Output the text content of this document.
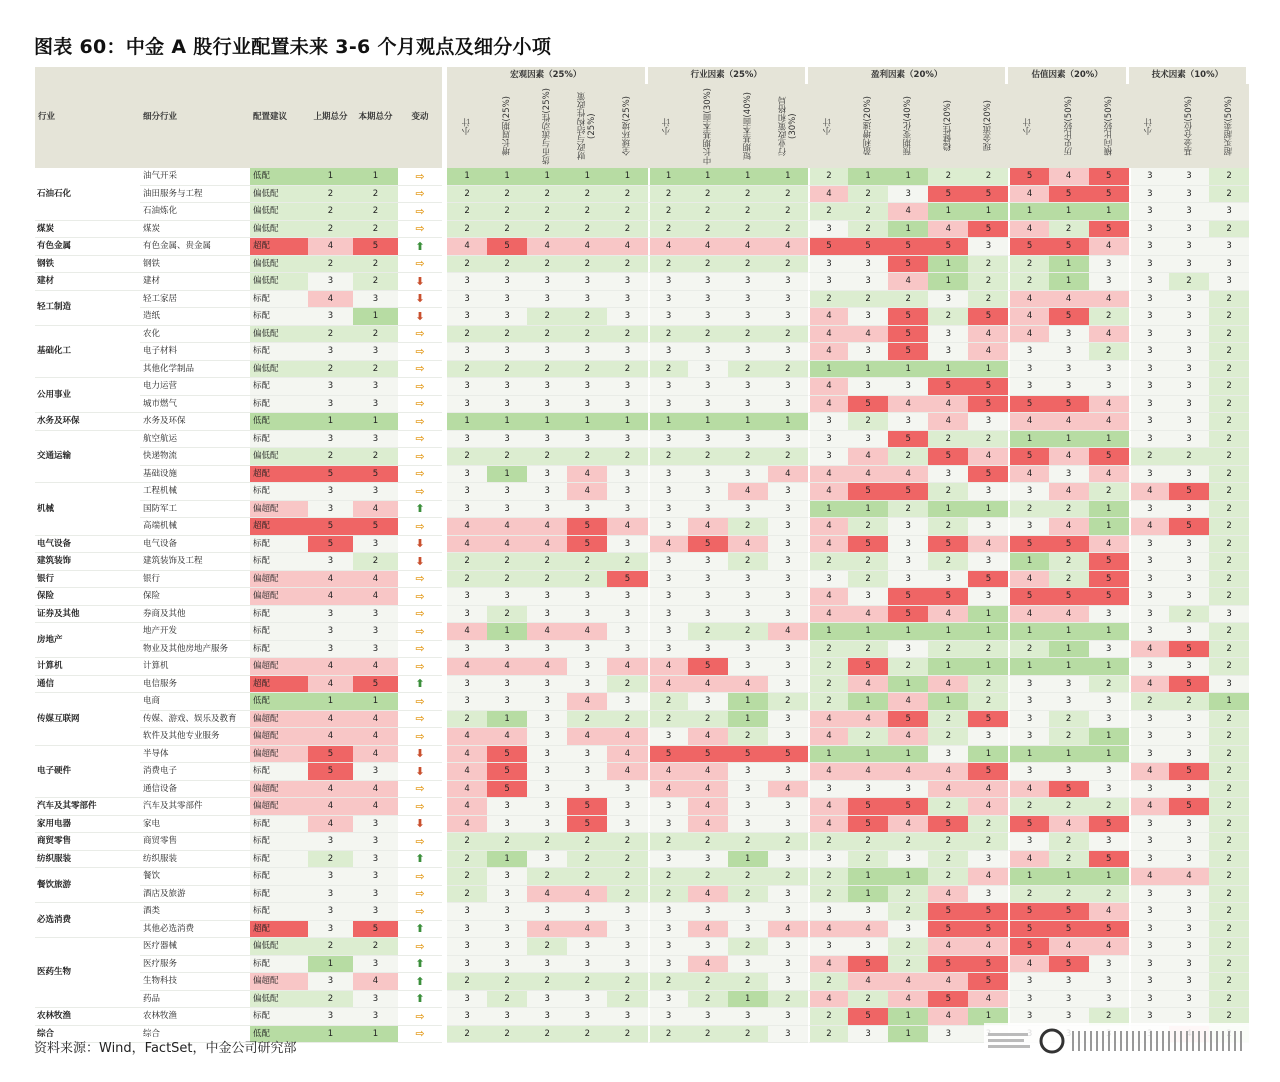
图表 60：中金 A 股行业配置未来 3-6 个月观点及细分小项
行业	细分行业	配置建议	上期总分	本期总分	变动		宏观因素（25%）					行业因素（25%）				盈利因素（20%）					估值因素（20%）			技术因素（10%）		

							小计	增长周期(25%)	货币与流动性(25%)	财政与结构性政策(25%)	全球环境(25%)	小计	中长期基本面(30%)	短期基本面(40%)	行业政策和格局(30%)	小计	盈利增速(20%)	预期变化(40%)	稳健性(20%)	现金流(20%)	小计	历史比较(50%)	横向比较(50%)	小计	基金仓位(50%)	超买超卖(50%)

石油石化	油气开采	低配	1	1	⇨		1	1	1	1	1	1	1	1	1	2	1	1	2	2	5	4	5	3	3	2
	油田服务与工程	偏低配	2	2	⇨		2	2	2	2	2	2	2	2	2	4	2	3	5	5	4	5	5	3	3	2
	石油炼化	偏低配	2	2	⇨		2	2	2	2	2	2	2	2	2	2	2	4	1	1	1	1	1	3	3	3
煤炭	煤炭	偏低配	2	2	⇨		2	2	2	2	2	2	2	2	2	3	2	1	4	5	4	2	5	3	3	2
有色金属	有色金属、贵金属	超配	4	5	⬆		4	5	4	4	4	4	4	4	4	5	5	5	5	3	5	5	4	3	3	3
钢铁	钢铁	偏低配	2	2	⇨		2	2	2	2	2	2	2	2	2	3	3	5	1	2	2	1	3	3	3	3
建材	建材	偏低配	3	2	⬇		3	3	3	3	3	3	3	3	3	3	3	4	1	2	2	1	3	3	2	3
轻工制造	轻工家居	标配	4	3	⬇		3	3	3	3	3	3	3	3	3	2	2	2	3	2	4	4	4	3	3	2
	造纸	标配	3	1	⬇		3	3	2	2	3	3	3	3	3	4	3	5	2	5	4	5	2	3	3	2
基础化工	农化	偏低配	2	2	⇨		2	2	2	2	2	2	2	2	2	4	4	5	3	4	4	3	4	3	3	2
	电子材料	标配	3	3	⇨		3	3	3	3	3	3	3	3	3	4	3	5	3	4	3	3	2	3	3	2
	其他化学制品	偏低配	2	2	⇨		2	2	2	2	2	2	3	2	2	1	1	1	1	1	3	3	3	3	3	2
公用事业	电力运营	标配	3	3	⇨		3	3	3	3	3	3	3	3	3	4	3	3	5	5	3	3	3	3	3	2
	城市燃气	标配	3	3	⇨		3	3	3	3	3	3	3	3	3	4	5	4	4	5	5	5	4	3	3	2
水务及环保	水务及环保	低配	1	1	⇨		1	1	1	1	1	1	1	1	1	3	2	3	4	3	4	4	4	3	3	2
交通运输	航空航运	标配	3	3	⇨		3	3	3	3	3	3	3	3	3	3	3	5	2	2	1	1	1	3	3	2
	快递物流	偏低配	2	2	⇨		2	2	2	2	2	2	2	2	2	3	4	2	5	4	5	4	5	2	2	2
	基础设施	超配	5	5	⇨		3	1	3	4	3	3	3	3	4	4	4	4	3	5	4	3	4	3	3	2
机械	工程机械	标配	3	3	⇨		3	3	3	4	3	3	3	4	3	4	5	5	2	3	3	4	2	4	5	2
	国防军工	偏超配	3	4	⬆		3	3	3	3	3	3	3	3	3	1	1	2	1	1	2	2	1	3	3	2
	高端机械	超配	5	5	⇨		4	4	4	5	4	3	4	2	3	4	2	3	2	3	3	4	1	4	5	2
电气设备	电气设备	标配	5	3	⬇		4	4	4	5	3	4	5	4	3	4	5	3	5	4	5	5	4	3	3	2
建筑装饰	建筑装饰及工程	标配	3	2	⬇		2	2	2	2	2	3	3	2	3	2	2	3	2	3	1	2	5	3	3	2
银行	银行	偏超配	4	4	⇨		2	2	2	2	5	3	3	3	3	3	2	3	3	5	4	2	5	3	3	2
保险	保险	偏超配	4	4	⇨		3	3	3	3	3	3	3	3	3	4	3	5	5	3	5	5	5	3	3	2
证券及其他	券商及其他	标配	3	3	⇨		3	2	3	3	3	3	3	3	3	4	4	5	4	1	4	4	3	3	2	3
房地产	地产开发	标配	3	3	⇨		4	1	4	4	3	3	2	2	4	1	1	1	1	1	1	1	1	3	3	2
	物业及其他房地产服务	标配	3	3	⇨		3	3	3	3	3	3	3	3	3	2	2	3	2	2	2	1	3	4	5	2
计算机	计算机	偏超配	4	4	⇨		4	4	4	3	4	4	5	3	3	2	5	2	1	1	1	1	1	3	3	2
通信	电信服务	超配	4	5	⬆		3	3	3	3	2	4	4	4	3	2	4	1	4	2	3	3	2	4	5	3
传媒互联网	电商	低配	1	1	⇨		3	3	3	4	3	2	3	1	2	2	1	4	1	2	3	3	3	2	2	1
	传媒、游戏、娱乐及教育	偏超配	4	4	⇨		2	1	3	2	2	2	2	1	3	4	4	5	2	5	3	2	3	3	3	2
	软件及其他专业服务	偏超配	4	4	⇨		4	4	3	4	4	3	4	2	3	4	2	4	2	3	3	2	1	3	3	2
电子硬件	半导体	偏超配	5	4	⬇		4	5	3	3	4	5	5	5	5	1	1	1	3	1	1	1	1	3	3	2
	消费电子	标配	5	3	⬇		4	5	3	3	4	4	4	3	3	4	4	4	4	5	3	3	3	4	5	2
	通信设备	偏超配	4	4	⇨		4	5	3	3	3	4	4	3	4	3	3	3	4	4	4	5	3	3	3	2
汽车及其零部件	汽车及其零部件	偏超配	4	4	⇨		4	3	3	5	3	3	4	3	3	4	5	5	2	4	2	2	2	4	5	2
家用电器	家电	标配	4	3	⬇		4	3	3	5	3	3	4	3	3	4	5	4	5	2	5	4	5	3	3	2
商贸零售	商贸零售	标配	3	3	⇨		2	2	2	2	2	2	2	2	2	2	2	2	2	2	3	2	3	3	3	2
纺织服装	纺织服装	标配	2	3	⬆		2	1	3	2	2	3	3	1	3	3	2	3	2	3	4	2	5	3	3	2
餐饮旅游	餐饮	标配	3	3	⇨		2	3	2	2	2	2	2	2	2	2	1	1	2	4	1	1	1	4	4	2
	酒店及旅游	标配	3	3	⇨		2	3	4	4	2	2	4	2	3	2	1	2	4	3	2	2	2	3	3	2
必选消费	酒类	标配	3	3	⇨		3	3	3	3	3	3	3	3	3	3	3	2	5	5	5	5	4	3	3	2
	其他必选消费	超配	3	5	⬆		3	3	4	4	3	3	4	3	4	4	4	3	5	5	5	5	5	3	3	2
医药生物	医疗器械	偏低配	2	2	⇨		3	3	2	3	3	3	3	2	3	3	3	2	4	4	5	4	4	3	3	2
	医疗服务	标配	1	3	⬆		3	3	3	3	3	3	4	3	3	4	5	2	5	5	4	5	3	3	3	2
	生物科技	偏超配	3	4	⬆		2	2	2	2	2	2	2	2	3	2	4	4	4	5	3	3	3	3	3	2
	药品	偏低配	2	3	⬆		3	2	3	3	2	3	2	1	2	4	2	4	5	4	3	3	3	3	3	2
农林牧渔	农林牧渔	标配	3	3	⇨		3	3	3	3	3	3	3	3	3	2	5	1	4	1	3	3	2	3	3	2
综合	综合	低配	1	1	⇨		2	2	2	2	2	2	2	2	3	2	3	1	3							
资料来源：Wind，FactSet，中金公司研究部
